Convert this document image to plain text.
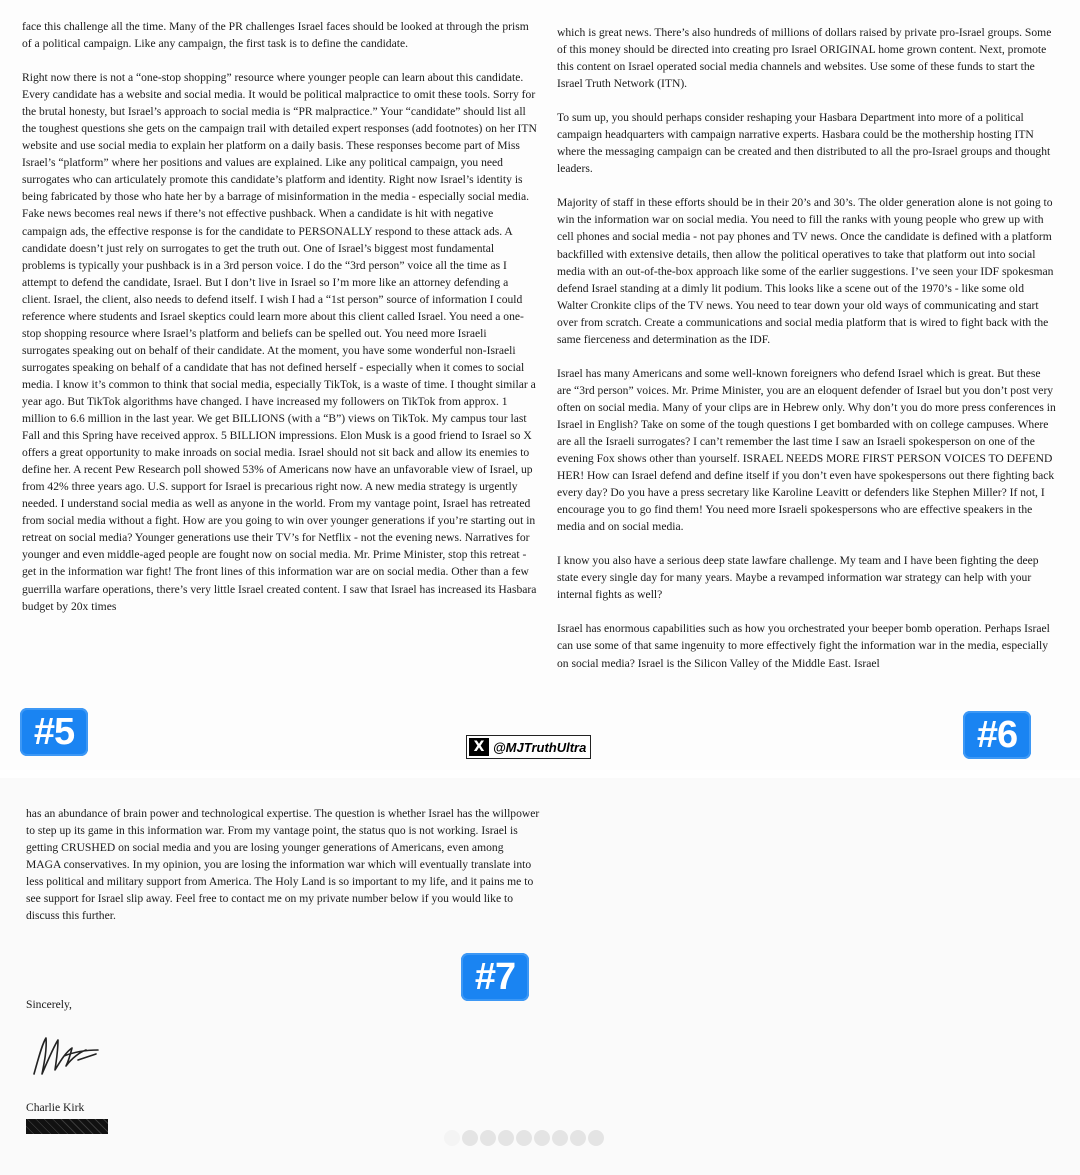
face this challenge all the time. Many of the PR challenges Israel faces should be looked at through the prism of a political campaign. Like any campaign, the first task is to define the candidate.

Right now there is not a “one-stop shopping” resource where younger people can learn about this candidate. Every candidate has a website and social media. It would be political malpractice to omit these tools. Sorry for the brutal honesty, but Israel’s approach to social media is “PR malpractice.” Your “candidate” should list all the toughest questions she gets on the campaign trail with detailed expert responses (add footnotes) on her ITN website and use social media to explain her platform on a daily basis. These responses become part of Miss Israel’s “platform” where her positions and values are explained. Like any political campaign, you need surrogates who can articulately promote this candidate’s platform and identity. Right now Israel’s identity is being fabricated by those who hate her by a barrage of misinformation in the media - especially social media. Fake news becomes real news if there’s not effective pushback. When a candidate is hit with negative campaign ads, the effective response is for the candidate to PERSONALLY respond to these attack ads. A candidate doesn’t just rely on surrogates to get the truth out. One of Israel’s biggest most fundamental problems is typically your pushback is in a 3rd person voice. I do the “3rd person” voice all the time as I attempt to defend the candidate, Israel. But I don’t live in Israel so I’m more like an attorney defending a client. Israel, the client, also needs to defend itself. I wish I had a “1st person” source of information I could reference where students and Israel skeptics could learn more about this client called Israel. You need a one-stop shopping resource where Israel’s platform and beliefs can be spelled out. You need more Israeli surrogates speaking out on behalf of their candidate. At the moment, you have some wonderful non-Israeli surrogates speaking on behalf of a candidate that has not defined herself - especially when it comes to social media. I know it’s common to think that social media, especially TikTok, is a waste of time. I thought similar a year ago. But TikTok algorithms have changed. I have increased my followers on TikTok from approx. 1 million to 6.6 million in the last year. We get BILLIONS (with a “B”) views on TikTok. My campus tour last Fall and this Spring have received approx. 5 BILLION impressions. Elon Musk is a good friend to Israel so X offers a great opportunity to make inroads on social media. Israel should not sit back and allow its enemies to define her. A recent Pew Research poll showed 53% of Americans now have an unfavorable view of Israel, up from 42% three years ago. U.S. support for Israel is precarious right now. A new media strategy is urgently needed. I understand social media as well as anyone in the world. From my vantage point, Israel has retreated from social media without a fight. How are you going to win over younger generations if you’re starting out in retreat on social media? Younger generations use their TV’s for Netflix - not the evening news. Narratives for younger and even middle-aged people are fought now on social media. Mr. Prime Minister, stop this retreat - get in the information war fight! The front lines of this information war are on social media. Other than a few guerrilla warfare operations, there’s very little Israel created content. I saw that Israel has increased its Hasbara budget by 20x times

which is great news. There’s also hundreds of millions of dollars raised by private pro-Israel groups. Some of this money should be directed into creating pro Israel ORIGINAL home grown content. Next, promote this content on Israel operated social media channels and websites. Use some of these funds to start the Israel Truth Network (ITN).

To sum up, you should perhaps consider reshaping your Hasbara Department into more of a political campaign headquarters with campaign narrative experts. Hasbara could be the mothership hosting ITN where the messaging campaign can be created and then distributed to all the pro-Israel groups and thought leaders.

Majority of staff in these efforts should be in their 20’s and 30’s. The older generation alone is not going to win the information war on social media. You need to fill the ranks with young people who grew up with cell phones and social media - not pay phones and TV news. Once the candidate is defined with a platform backfilled with extensive details, then allow the political operatives to take that platform out into social media with an out-of-the-box approach like some of the earlier suggestions. I’ve seen your IDF spokesman defend Israel standing at a dimly lit podium. This looks like a scene out of the 1970’s - like some old Walter Cronkite clips of the TV news. You need to tear down your old ways of communicating and start over from scratch. Create a communications and social media platform that is wired to fight back with the same fierceness and determination as the IDF.

Israel has many Americans and some well-known foreigners who defend Israel which is great. But these are “3rd person” voices. Mr. Prime Minister, you are an eloquent defender of Israel but you don’t post very often on social media. Many of your clips are in Hebrew only. Why don’t you do more press conferences in Israel in English? Take on some of the tough questions I get bombarded with on college campuses. Where are all the Israeli surrogates? I can’t remember the last time I saw an Israeli spokesperson on one of the evening Fox shows other than yourself. ISRAEL NEEDS MORE FIRST PERSON VOICES TO DEFEND HER! How can Israel defend and define itself if you don’t even have spokespersons out there fighting back every day? Do you have a press secretary like Karoline Leavitt or defenders like Stephen Miller? If not, I encourage you to go find them! You need more Israeli spokespersons who are effective speakers in the media and on social media.

I know you also have a serious deep state lawfare challenge. My team and I have been fighting the deep state every single day for many years. Maybe a revamped information war strategy can help with your internal fights as well?

Israel has enormous capabilities such as how you orchestrated your beeper bomb operation. Perhaps Israel can use some of that same ingenuity to more effectively fight the information war in the media, especially on social media? Israel is the Silicon Valley of the Middle East. Israel

#5	#6
X @MJTruthUltra

has an abundance of brain power and technological expertise. The question is whether Israel has the willpower to step up its game in this information war. From my vantage point, the status quo is not working. Israel is getting CRUSHED on social media and you are losing younger generations of Americans, even among MAGA conservatives. In my opinion, you are losing the information war which will eventually translate into less political and military support from America. The Holy Land is so important to my life, and it pains me to see support for Israel slip away. Feel free to contact me on my private number below if you would like to discuss this further.

#7
Sincerely,
Charlie Kirk
